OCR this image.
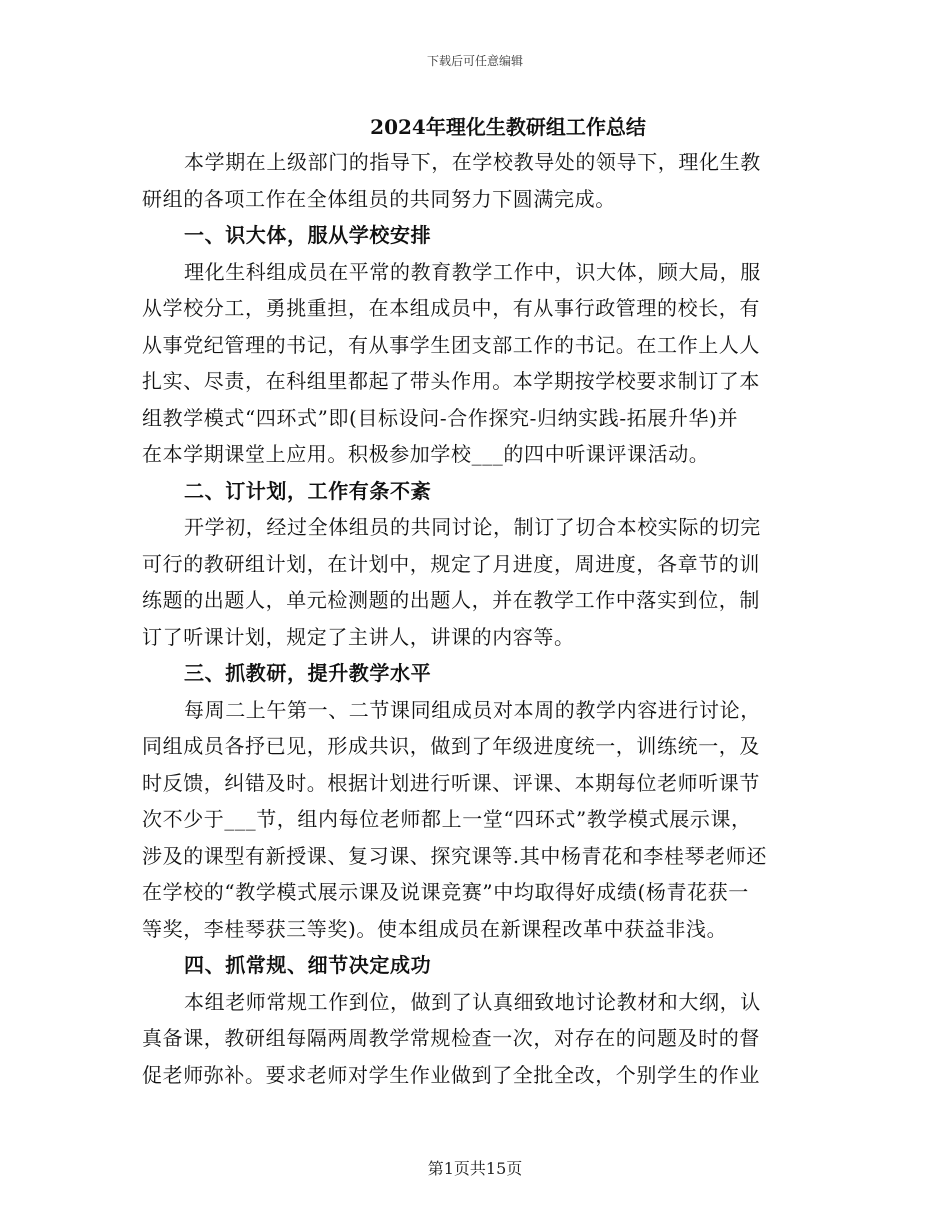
下载后可任意编辑
2024年理化生教研组工作总结

本学期在上级部门的指导下，在学校教导处的领导下，理化生教

研组的各项工作在全体组员的共同努力下圆满完成。

一、识大体，服从学校安排

理化生科组成员在平常的教育教学工作中，识大体，顾大局，服

从学校分工，勇挑重担，在本组成员中，有从事行政管理的校长，有

从事党纪管理的书记，有从事学生团支部工作的书记。在工作上人人

扎实、尽责，在科组里都起了带头作用。本学期按学校要求制订了本

组教学模式“四环式”即(目标设问-合作探究-归纳实践-拓展升华)并

在本学期课堂上应用。积极参加学校___的四中听课评课活动。

二、订计划，工作有条不紊

开学初，经过全体组员的共同讨论，制订了切合本校实际的切完

可行的教研组计划，在计划中，规定了月进度，周进度，各章节的训

练题的出题人，单元检测题的出题人，并在教学工作中落实到位，制

订了听课计划，规定了主讲人，讲课的内容等。

三、抓教研，提升教学水平

每周二上午第一、二节课同组成员对本周的教学内容进行讨论，

同组成员各抒已见，形成共识，做到了年级进度统一，训练统一，及

时反馈，纠错及时。根据计划进行听课、评课、本期每位老师听课节

次不少于___节，组内每位老师都上一堂“四环式”教学模式展示课，

涉及的课型有新授课、复习课、探究课等.其中杨青花和李桂琴老师还

在学校的“教学模式展示课及说课竞赛”中均取得好成绩(杨青花获一

等奖，李桂琴获三等奖)。使本组成员在新课程改革中获益非浅。

四、抓常规、细节决定成功

本组老师常规工作到位，做到了认真细致地讨论教材和大纲，认

真备课，教研组每隔两周教学常规检查一次，对存在的问题及时的督

促老师弥补。要求老师对学生作业做到了全批全改，个别学生的作业

第1页共15页
